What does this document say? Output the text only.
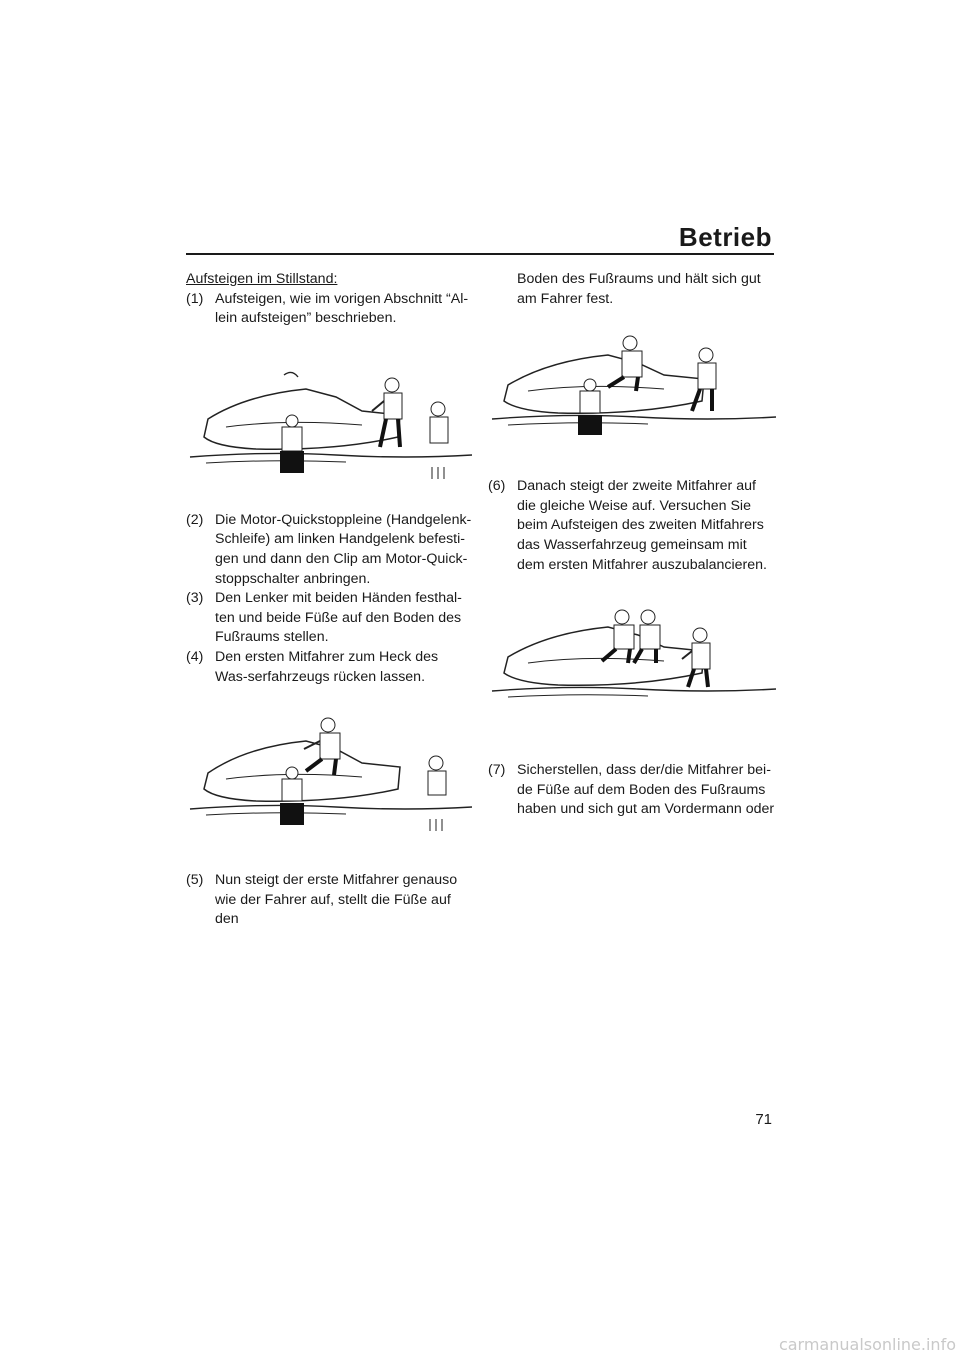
Betrieb

Aufsteigen im Stillstand:

(1) Aufsteigen, wie im vorigen Abschnitt “Al-lein aufsteigen” beschrieben.
(2) Die Motor-Quickstoppleine (Handgelenk-Schleife) am linken Handgelenk befesti-gen und dann den Clip am Motor-Quick-stoppschalter anbringen.
(3) Den Lenker mit beiden Händen festhal-ten und beide Füße auf den Boden des Fußraums stellen.
(4) Den ersten Mitfahrer zum Heck des Was-serfahrzeugs rücken lassen.
(5) Nun steigt der erste Mitfahrer genauso wie der Fahrer auf, stellt die Füße auf den
Boden des Fußraums und hält sich gut am Fahrer fest.
(6) Danach steigt der zweite Mitfahrer auf die gleiche Weise auf. Versuchen Sie beim Aufsteigen des zweiten Mitfahrers das Wasserfahrzeug gemeinsam mit dem ersten Mitfahrer auszubalancieren.
(7) Sicherstellen, dass der/die Mitfahrer bei-de Füße auf dem Boden des Fußraums haben und sich gut am Vordermann oder
71
carmanualsonline.info
